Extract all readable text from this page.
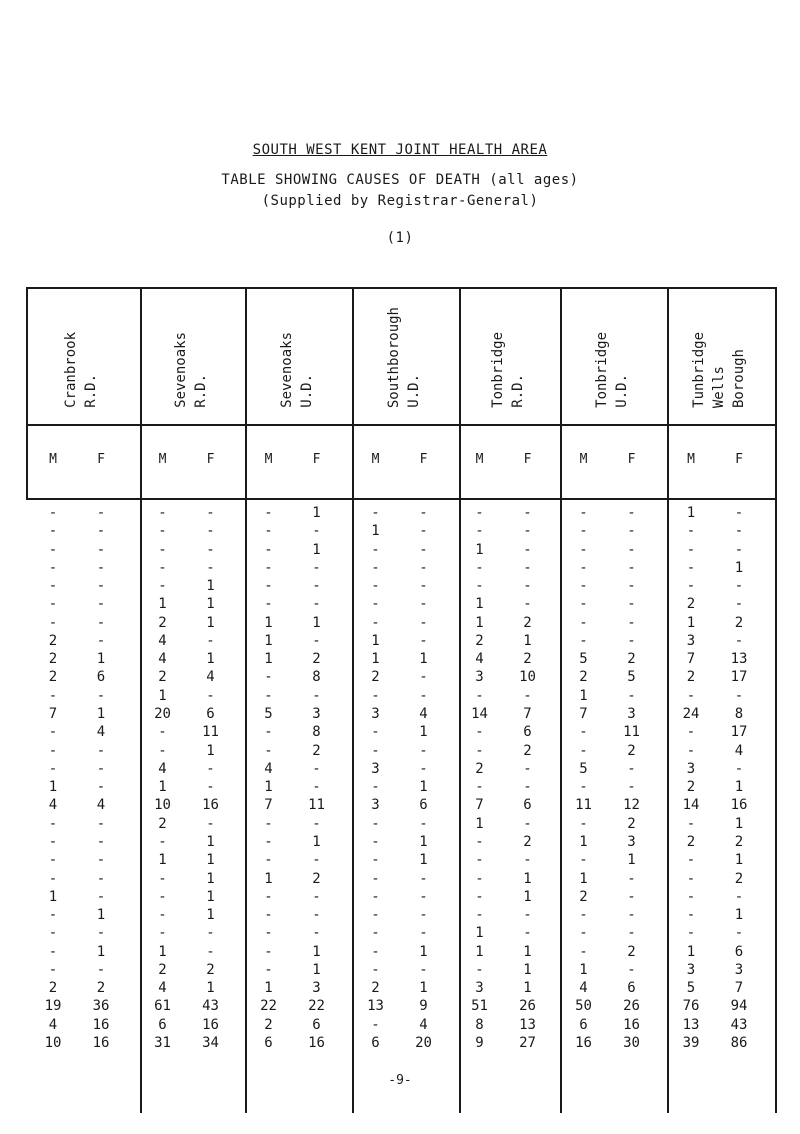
SOUTH WEST KENT JOINT HEALTH AREA
TABLE SHOWING CAUSES OF DEATH (all ages)
(Supplied by Registrar-General)
(1)
Cranbrook R.D.
M	F
Sevenoaks R.D.
M	F
Sevenoaks U.D.
M	F
Southborough U.D.
M	F
Tonbridge R.D.
M	F
Tonbridge U.D.
M	F
Tunbridge Wells Borough
M	F
-	-	-	-	-	1	-	-	-	-	-	-	1	-
-	-	-	-	-	-	1	-	-	-	-	-	-	-
-	-	-	-	-	1	-	-	1	-	-	-	-	-
-	-	-	-	-	-	-	-	-	-	-	-	-	1
-	-	-	1	-	-	-	-	-	-	-	-	-	-
-	-	1	1	-	-	-	-	1	-	-	-	2	-
-	-	2	1	1	1	-	-	1	2	-	-	1	2
2	-	4	-	1	-	1	-	2	1	-	-	3	-
2	1	4	1	1	2	1	1	4	2	5	2	7	13
2	6	2	4	-	8	2	-	3	10	2	5	2	17
-	-	1	-	-	-	-	-	-	-	1	-	-	-
7	1	20	6	5	3	3	4	14	7	7	3	24	8
-	4	-	11	-	8	-	1	-	6	-	11	-	17
-	-	-	1	-	2	-	-	-	2	-	2	-	4
-	-	4	-	4	-	3	-	2	-	5	-	3	-
1	-	1	-	1	-	-	1	-	-	-	-	2	1
4	4	10 16	7	11	3	6	7	6	11 12	14 16
-	-	2	-	-	-	-	-	1	-	-	2	-	1
-	-	-	1	-	1	-	1	-	2	1	3	2	2
-	-	1	1	-	-	-	1	-	-	-	1	-	1
-	-	-	1	1	2	-	-	-	1	1	-	-	2
1	-	-	1	-	-	-	-	-	1	2	-	-	-
-	1	-	1	-	-	-	-	-	-	-	-	-	1
-	-	-	-	-	-	-	-	1	-	-	-	-	-
-	1	1	-	-	1	-	1	1	1	-	2	1	6
-	-	2	2	-	1	-	-	-	1	1	-	3	3
2	2	4	1	1	3	2	1	3	1	4	6	5	7
19 36	61 43	22 22	13	9	51 26	50 26	76 94
4	16	6	16	2	6	-	4	8	13	6	16	13 43
10 16	31 34	6	16	6	20	9	27	16 30	39 86
-9-
